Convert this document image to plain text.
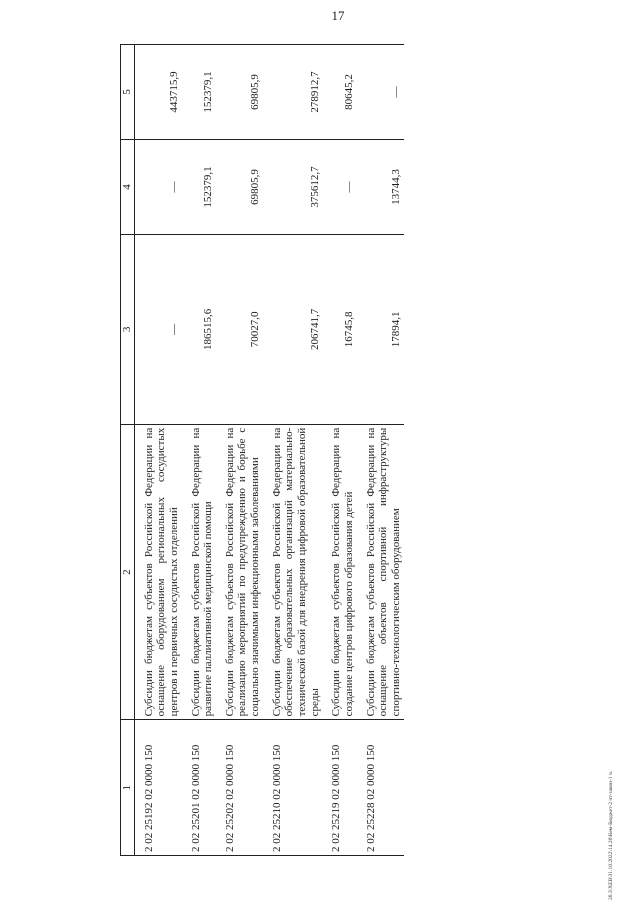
17
1	2	3	4	5
2 02 25192 02 0000 150	Субсидии бюджетам субъектов Российской Федерации на оснащение оборудованием региональных сосудистых центров и первичных сосудистых отделений	—	—	443715,9
2 02 25201 02 0000 150	Субсидии бюджетам субъектов Российской Федерации на развитие паллиативной медицинской помощи	186515,6	152379,1	152379,1
2 02 25202 02 0000 150	Субсидии бюджетам субъектов Российской Федерации на реализацию мероприятий по предупреждению и борьбе с социально значимыми инфекционными заболеваниями	70027,0	69805,9	69805,9
2 02 25210 02 0000 150	Субсидии бюджетам субъектов Российской Федерации на обеспечение образовательных организаций материально-технической базой для внедрения цифровой образовательной среды	206741,7	375612,7	278912,7
2 02 25219 02 0000 150	Субсидии бюджетам субъектов Российской Федерации на создание центров цифрового образования детей	16745,8	—	80645,2
2 02 25228 02 0000 150	Субсидии бюджетам субъектов Российской Федерации на оснащение объектов спортивной инфраструктуры спортивно-технологическим оборудованием	17894,1	13744,3	—
20.3\XEB\31.10.2022\14.20\Кем-Бюджет-2 чт-закон-1 ч.
